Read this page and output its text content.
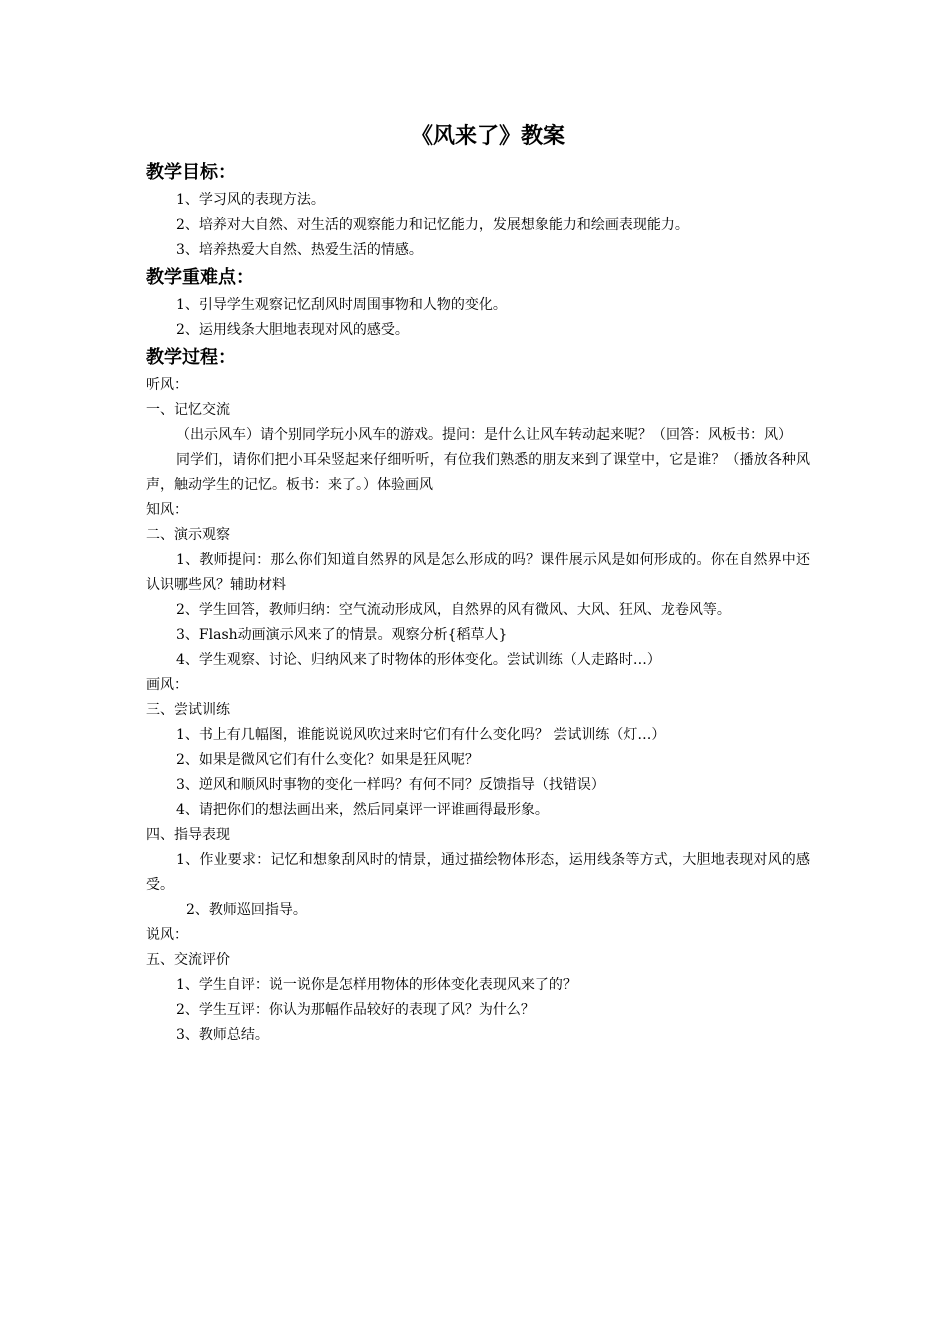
《风来了》教案
教学目标：

1、学习风的表现方法。

2、培养对大自然、对生活的观察能力和记忆能力，发展想象能力和绘画表现能力。

3、培养热爱大自然、热爱生活的情感。

教学重难点：

1、引导学生观察记忆刮风时周围事物和人物的变化。

2、运用线条大胆地表现对风的感受。

教学过程：

听风：

一、记忆交流

（出示风车）请个别同学玩小风车的游戏。提问：是什么让风车转动起来呢？（回答：风板书：风）

同学们，请你们把小耳朵竖起来仔细听听，有位我们熟悉的朋友来到了课堂中，它是谁？（播放各种风声，触动学生的记忆。板书：来了。）体验画风

知风：

二、演示观察

1、教师提问：那么你们知道自然界的风是怎么形成的吗？课件展示风是如何形成的。你在自然界中还认识哪些风？辅助材料

2、学生回答，教师归纳：空气流动形成风，自然界的风有微风、大风、狂风、龙卷风等。

3、Flash动画演示风来了的情景。观察分析{稻草人}

4、学生观察、讨论、归纳风来了时物体的形体变化。尝试训练（人走路时…）

画风：

三、尝试训练

1、书上有几幅图，谁能说说风吹过来时它们有什么变化吗？ 尝试训练（灯…）

2、如果是微风它们有什么变化？如果是狂风呢？

3、逆风和顺风时事物的变化一样吗？有何不同？反馈指导（找错误）

4、请把你们的想法画出来，然后同桌评一评谁画得最形象。

四、指导表现

1、作业要求：记忆和想象刮风时的情景，通过描绘物体形态，运用线条等方式，大胆地表现对风的感受。

2、教师巡回指导。

说风：

五、交流评价

1、学生自评：说一说你是怎样用物体的形体变化表现风来了的？

2、学生互评：你认为那幅作品较好的表现了风？为什么？

3、教师总结。
